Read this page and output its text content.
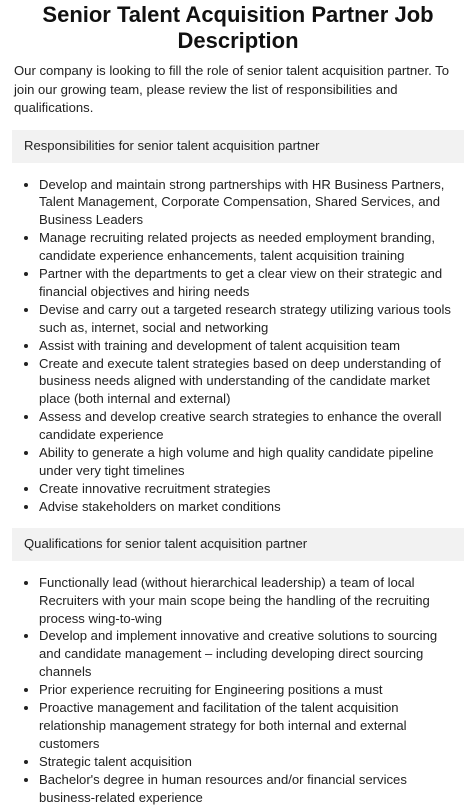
Senior Talent Acquisition Partner Job Description

Our company is looking to fill the role of senior talent acquisition partner. To join our growing team, please review the list of responsibilities and qualifications.

Responsibilities for senior talent acquisition partner
• Develop and maintain strong partnerships with HR Business Partners, Talent Management, Corporate Compensation, Shared Services, and Business Leaders
• Manage recruiting related projects as needed employment branding, candidate experience enhancements, talent acquisition training
• Partner with the departments to get a clear view on their strategic and financial objectives and hiring needs
• Devise and carry out a targeted research strategy utilizing various tools such as, internet, social and networking
• Assist with training and development of talent acquisition team
• Create and execute talent strategies based on deep understanding of business needs aligned with understanding of the candidate market place (both internal and external)
• Assess and develop creative search strategies to enhance the overall candidate experience
• Ability to generate a high volume and high quality candidate pipeline under very tight timelines
• Create innovative recruitment strategies
• Advise stakeholders on market conditions
Qualifications for senior talent acquisition partner
• Functionally lead (without hierarchical leadership) a team of local Recruiters with your main scope being the handling of the recruiting process wing-to-wing
• Develop and implement innovative and creative solutions to sourcing and candidate management – including developing direct sourcing channels
• Prior experience recruiting for Engineering positions a must
• Proactive management and facilitation of the talent acquisition relationship management strategy for both internal and external customers
• Strategic talent acquisition
• Bachelor's degree in human resources and/or financial services business-related experience
